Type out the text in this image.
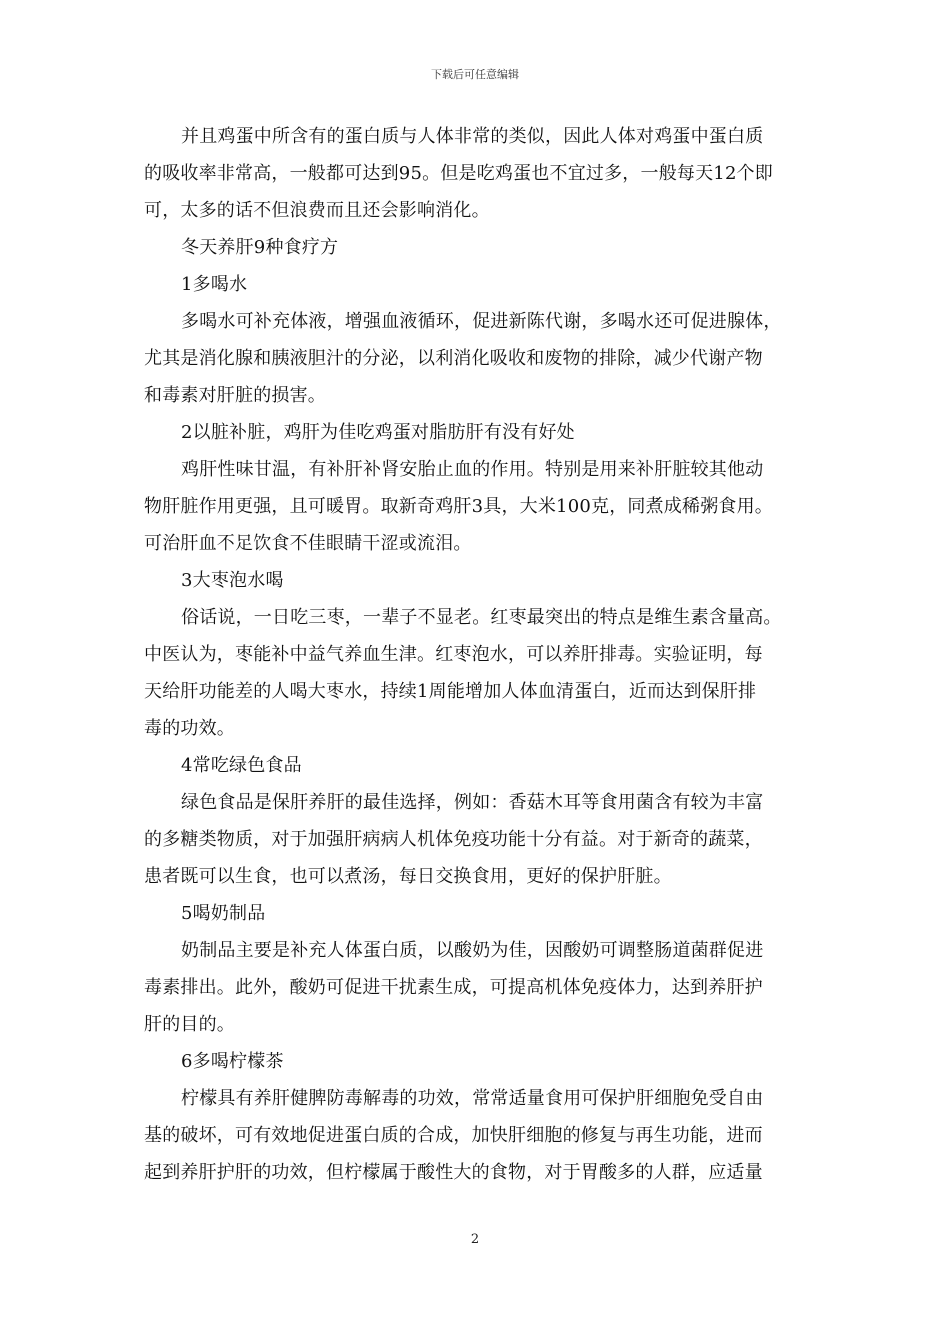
下载后可任意编辑
并且鸡蛋中所含有的蛋白质与人体非常的类似，因此人体对鸡蛋中蛋白质
的吸收率非常高，一般都可达到95。但是吃鸡蛋也不宜过多，一般每天12个即
可，太多的话不但浪费而且还会影响消化。
冬天养肝9种食疗方
1多喝水
多喝水可补充体液，增强血液循环，促进新陈代谢，多喝水还可促进腺体，
尤其是消化腺和胰液胆汁的分泌，以利消化吸收和废物的排除，减少代谢产物
和毒素对肝脏的损害。
2以脏补脏，鸡肝为佳吃鸡蛋对脂肪肝有没有好处
鸡肝性味甘温，有补肝补肾安胎止血的作用。特别是用来补肝脏较其他动
物肝脏作用更强，且可暖胃。取新奇鸡肝3具，大米100克，同煮成稀粥食用。
可治肝血不足饮食不佳眼睛干涩或流泪。
3大枣泡水喝
俗话说，一日吃三枣，一辈子不显老。红枣最突出的特点是维生素含量高。
中医认为，枣能补中益气养血生津。红枣泡水，可以养肝排毒。实验证明，每
天给肝功能差的人喝大枣水，持续1周能增加人体血清蛋白，近而达到保肝排
毒的功效。
4常吃绿色食品
绿色食品是保肝养肝的最佳选择，例如：香菇木耳等食用菌含有较为丰富
的多糖类物质，对于加强肝病病人机体免疫功能十分有益。对于新奇的蔬菜，
患者既可以生食，也可以煮汤，每日交换食用，更好的保护肝脏。
5喝奶制品
奶制品主要是补充人体蛋白质，以酸奶为佳，因酸奶可调整肠道菌群促进
毒素排出。此外，酸奶可促进干扰素生成，可提高机体免疫体力，达到养肝护
肝的目的。
6多喝柠檬茶
柠檬具有养肝健脾防毒解毒的功效，常常适量食用可保护肝细胞免受自由
基的破坏，可有效地促进蛋白质的合成，加快肝细胞的修复与再生功能，进而
起到养肝护肝的功效，但柠檬属于酸性大的食物，对于胃酸多的人群，应适量
2
